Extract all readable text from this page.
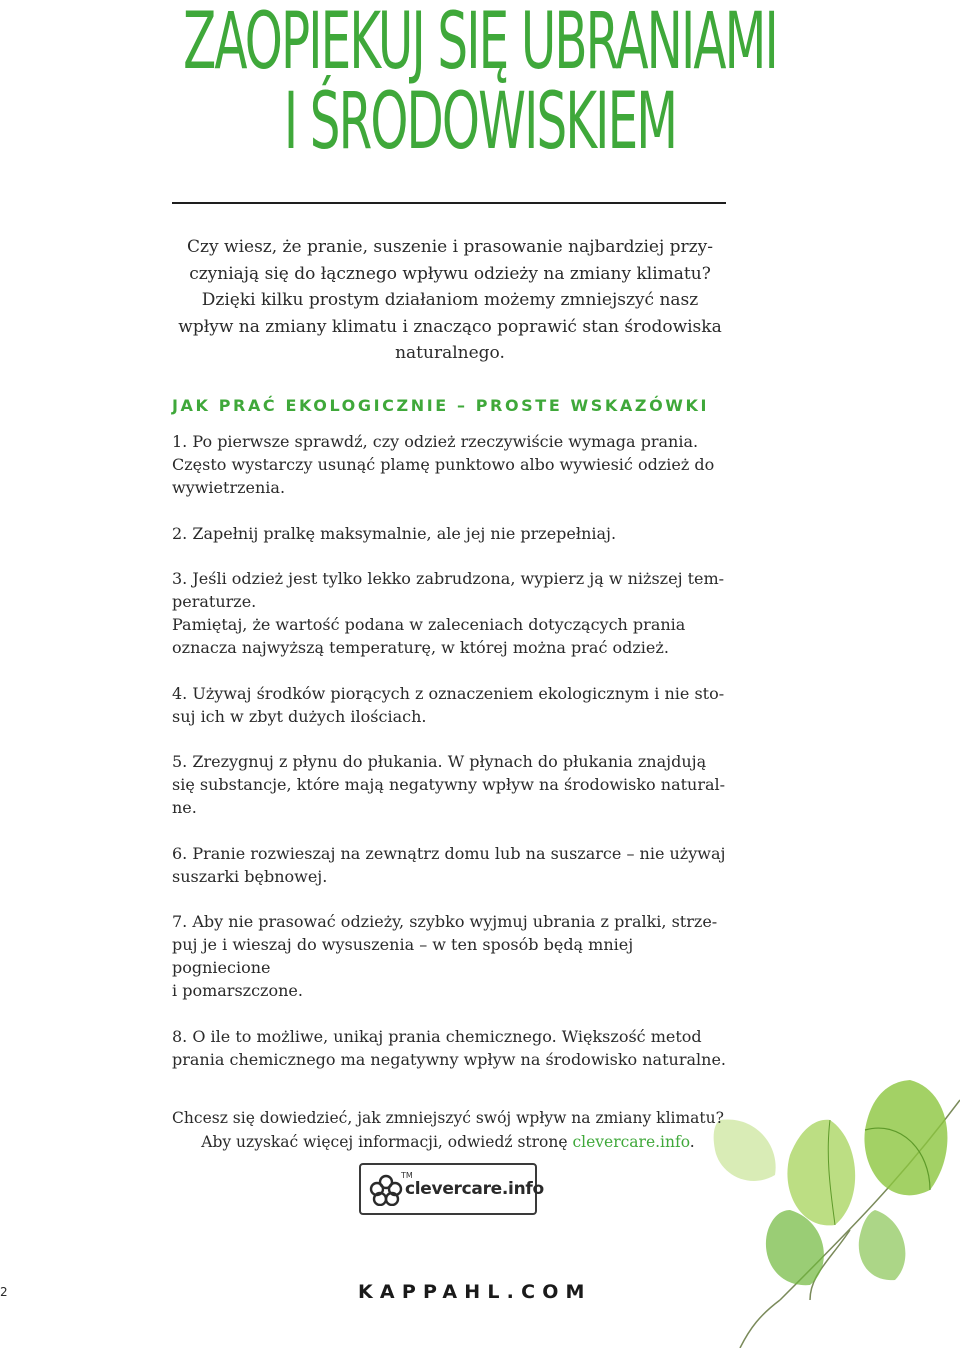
ZAOPIEKUJ SIĘ UBRANIAMI
I ŚRODOWISKIEM
Czy wiesz, że pranie, suszenie i prasowanie najbardziej przy-
czyniają się do łącznego wpływu odzieży na zmiany klimatu?
Dzięki kilku prostym działaniom możemy zmniejszyć nasz
wpływ na zmiany klimatu i znacząco poprawić stan środowiska
naturalnego.
JAK PRAĆ EKOLOGICZNIE – PROSTE WSKAZÓWKI
1. Po pierwsze sprawdź, czy odzież rzeczywiście wymaga prania.
Często wystarczy usunąć plamę punktowo albo wywiesić odzież do
wywietrzenia.
2. Zapełnij pralkę maksymalnie, ale jej nie przepełniaj.
3. Jeśli odzież jest tylko lekko zabrudzona, wypierz ją w niższej tem-
peraturze.
Pamiętaj, że wartość podana w zaleceniach dotyczących prania
oznacza najwyższą temperaturę, w której można prać odzież.
4. Używaj środków piorących z oznaczeniem ekologicznym i nie sto-
suj ich w zbyt dużych ilościach.
5. Zrezygnuj z płynu do płukania. W płynach do płukania znajdują
się substancje, które mają negatywny wpływ na środowisko natural-
ne.
6. Pranie rozwieszaj na zewnątrz domu lub na suszarce – nie używaj
suszarki bębnowej.
7. Aby nie prasować odzieży, szybko wyjmuj ubrania z pralki, strze-
puj je i wieszaj do wysuszenia – w ten sposób będą mniej pogniecione
i pomarszczone.
8. O ile to możliwe, unikaj prania chemicznego. Większość metod
prania chemicznego ma negatywny wpływ na środowisko naturalne.
Chcesz się dowiedzieć, jak zmniejszyć swój wpływ na zmiany klimatu?
Aby uzyskać więcej informacji, odwiedź stronę clevercare.info.
TM
clevercare.info
2	KAPPAHL.COM
